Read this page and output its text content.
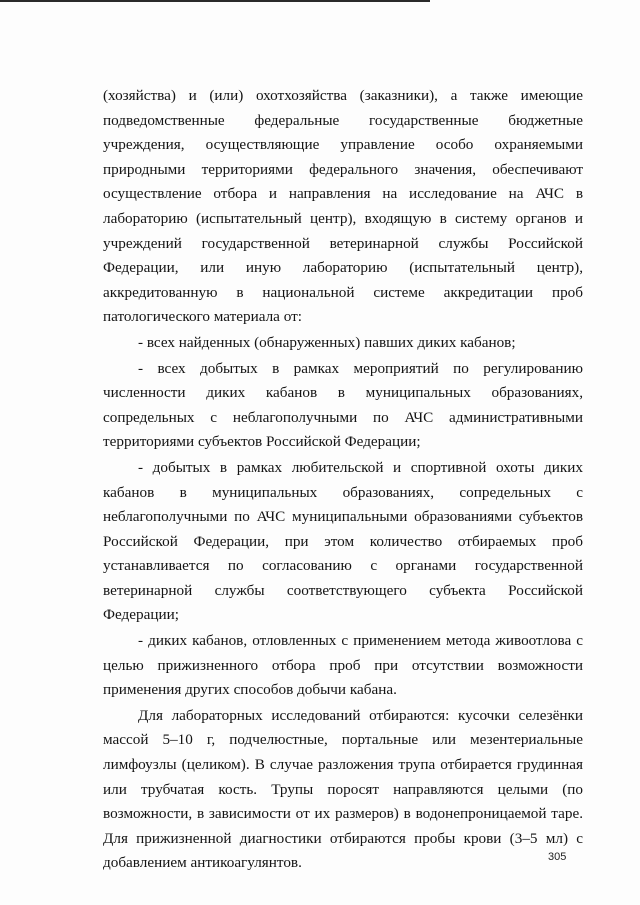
(хозяйства) и (или) охотхозяйства (заказники), а также имеющие подведомственные федеральные государственные бюджетные учреждения, осуществляющие управление особо охраняемыми природными территориями федерального значения, обеспечивают осуществление отбора и направления на исследование на АЧС в лабораторию (испытательный центр), входящую в систему органов и учреждений государственной ветеринарной службы Российской Федерации, или иную лабораторию (испытательный центр), аккредитованную в национальной системе аккредитации проб патологического материала от:

- всех найденных (обнаруженных) павших диких кабанов;

- всех добытых в рамках мероприятий по регулированию численности диких кабанов в муниципальных образованиях, сопредельных с неблагополучными по АЧС административными территориями субъектов Российской Федерации;

- добытых в рамках любительской и спортивной охоты диких кабанов в муниципальных образованиях, сопредельных с неблагополучными по АЧС муниципальными образованиями субъектов Российской Федерации, при этом количество отбираемых проб устанавливается по согласованию с органами государственной ветеринарной службы соответствующего субъекта Российской Федерации;

- диких кабанов, отловленных с применением метода живоотлова с целью прижизненного отбора проб при отсутствии возможности применения других способов добычи кабана.

Для лабораторных исследований отбираются: кусочки селезёнки массой 5–10 г, подчелюстные, портальные или мезентериальные лимфоузлы (целиком). В случае разложения трупа отбирается грудинная или трубчатая кость. Трупы поросят направляются целыми (по возможности, в зависимости от их размеров) в водонепроницаемой таре. Для прижизненной диагностики отбираются пробы крови (3–5 мл) с добавлением антикоагулянтов.	305
